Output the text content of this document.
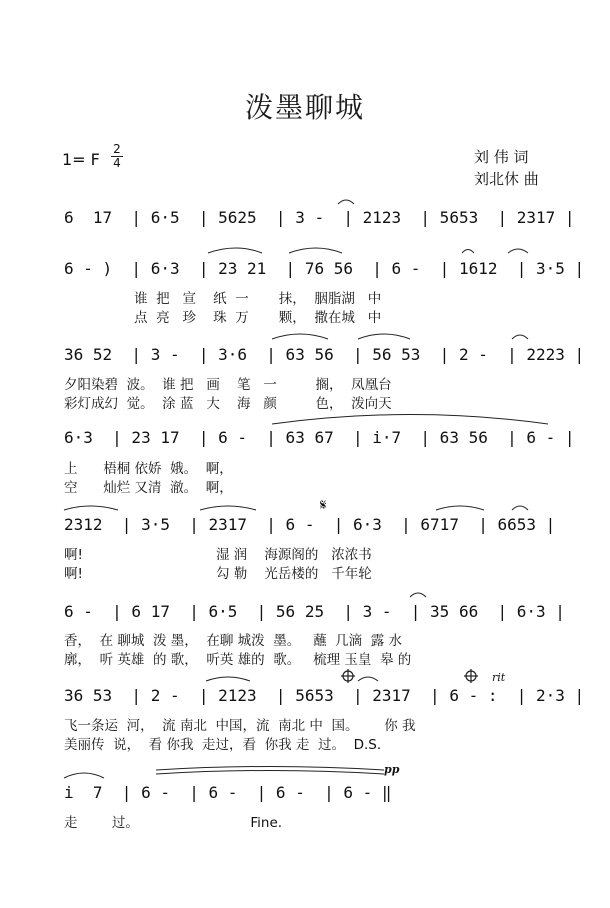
泼墨聊城
1= F
2
4	刘 伟 词
刘北休 曲
6  17  | 6·5  | 5625  | 3 -  | 2123  | 5653  | 2317 |
6 - )  | 6·3  | 23 21  | 76 56  | 6 -  | 1612  | 3·5 |
谁  把   宣    纸  一       抹，  胭脂湖   中
点  亮   珍    珠  万       颗，  撒在城   中
36 52  | 3 -  | 3·6  | 63 56  | 56 53  | 2 -  | 2223 |
夕阳染碧  波。  谁 把   画    笔   一         搁，  凤凰台
彩灯成幻  觉。  涂 蓝   大    海   颜         色，  泼向天
6·3  | 23 17  | 6 -  | 63 67  | i·7  | 63 56  | 6 - |
上      梧桐 依娇  娥。  啊，
空      灿烂 又清  澈。  啊，
2312  | 3·5  | 2317  | 6 -  | 6·3  | 6717  | 6653 |
啊!                               湿 润    海源阁的   浓浓书
啊!                               勾 勒    光岳楼的   千年轮
6 -  | 6 17  | 6·5  | 56 25  | 3 -  | 35 66  | 6·3 |
香，  在 聊城  泼 墨，  在聊 城泼  墨。   蘸  几滴  露 水
廓，  听 英雄  的 歌，  听英 雄的  歌。   梳理 玉皇  皋 的
36 53  | 2 -  | 2123  | 5653  | 2317  | 6 - :  | 2·3 |
飞一条运  河，  流 南北  中国，流  南北 中  国。      你 我
美丽传  说，  看 你我  走过，看  你我 走  过。  D.S.
i  7  | 6 -  | 6 -  | 6 -  | 6 - ‖
走        过。                          Fine.
𝄋
rit
pp
